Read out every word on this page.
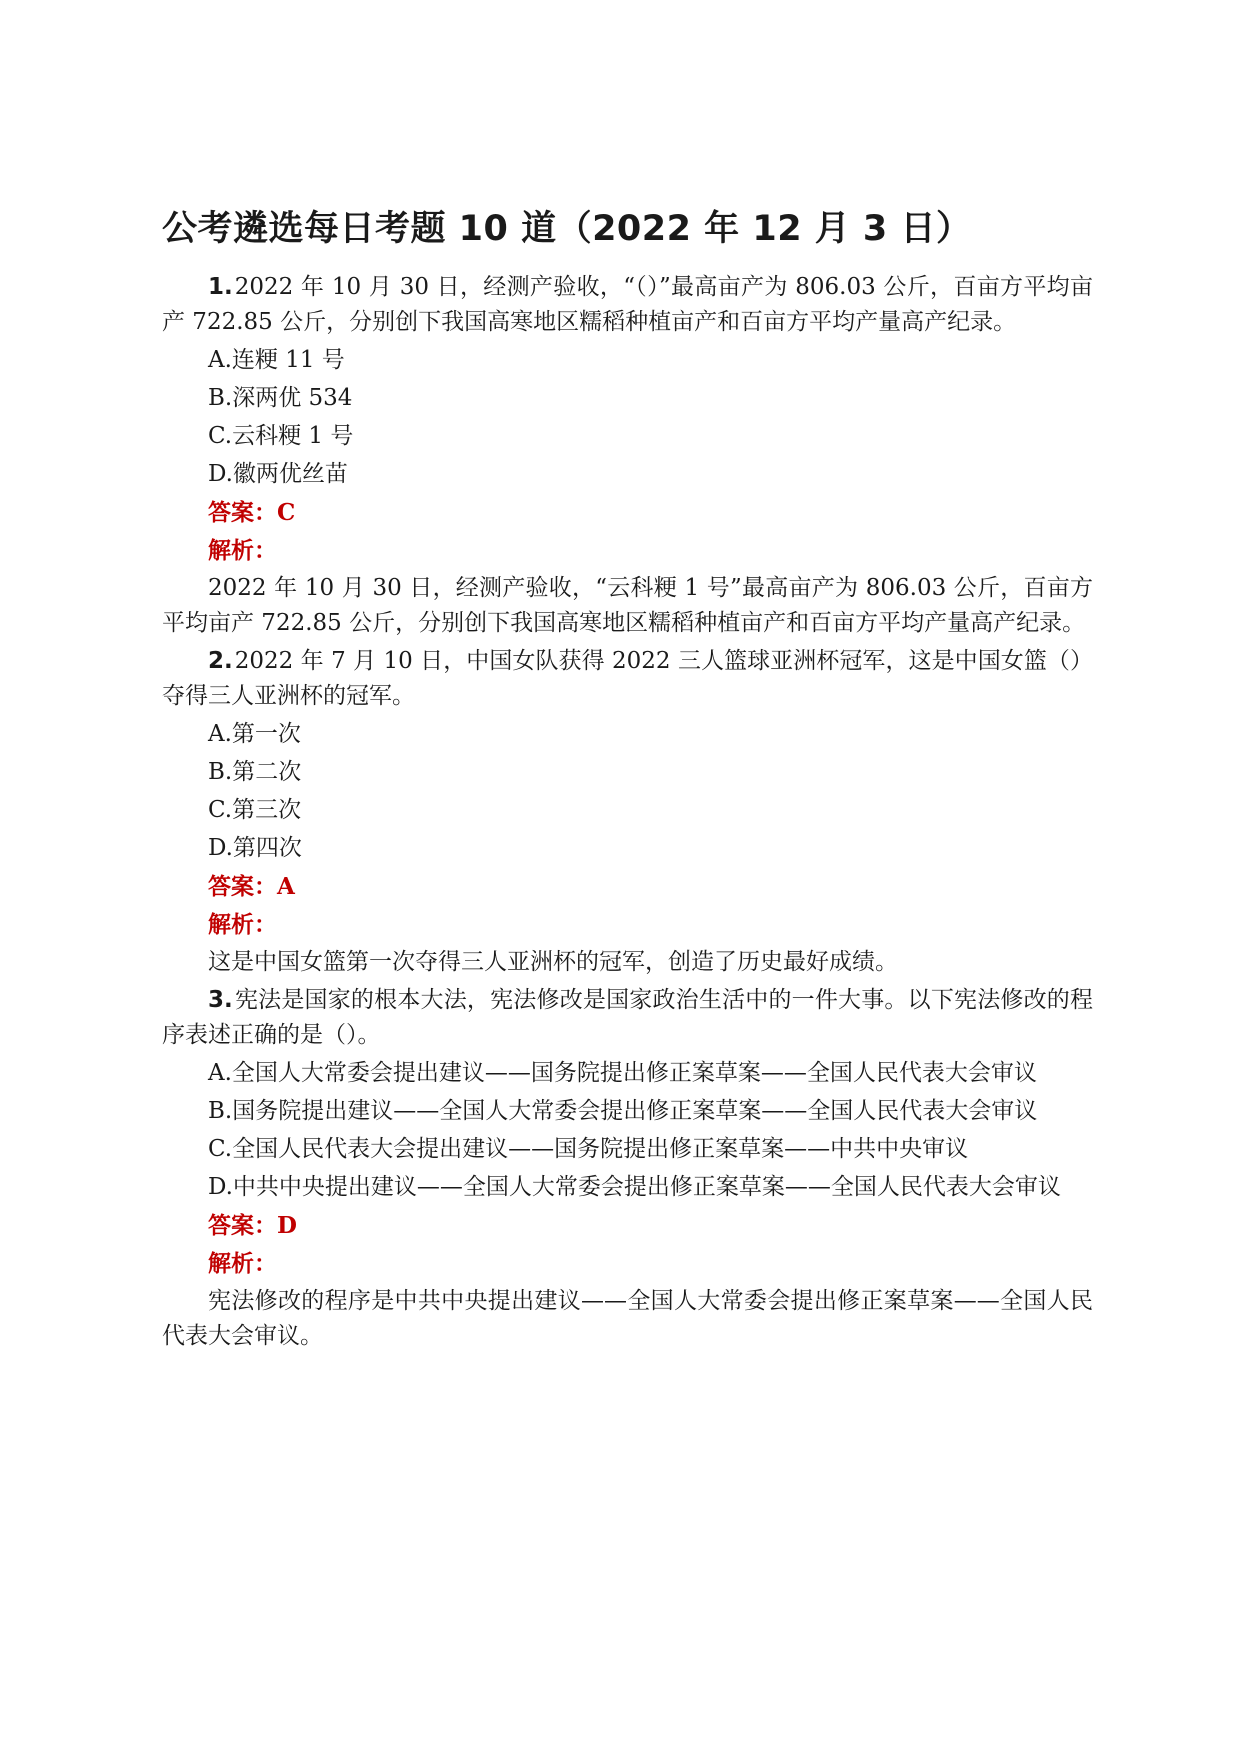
公考遴选每日考题 10 道（2022 年 12 月 3 日）

1.2022 年 10 月 30 日，经测产验收，“（）”最高亩产为 806.03 公斤，百亩方平均亩产 722.85 公斤，分别创下我国高寒地区糯稻种植亩产和百亩方平均产量高产纪录。

A.连粳 11 号

B.深两优 534

C.云科粳 1 号

D.徽两优丝苗

答案：C

解析：

2022 年 10 月 30 日，经测产验收，“云科粳 1 号”最高亩产为 806.03 公斤，百亩方平均亩产 722.85 公斤，分别创下我国高寒地区糯稻种植亩产和百亩方平均产量高产纪录。

2.2022 年 7 月 10 日，中国女队获得 2022 三人篮球亚洲杯冠军，这是中国女篮（）夺得三人亚洲杯的冠军。

A.第一次

B.第二次

C.第三次

D.第四次

答案：A

解析：

这是中国女篮第一次夺得三人亚洲杯的冠军，创造了历史最好成绩。

3.宪法是国家的根本大法，宪法修改是国家政治生活中的一件大事。以下宪法修改的程序表述正确的是（）。

A.全国人大常委会提出建议——国务院提出修正案草案——全国人民代表大会审议

B.国务院提出建议——全国人大常委会提出修正案草案——全国人民代表大会审议

C.全国人民代表大会提出建议——国务院提出修正案草案——中共中央审议

D.中共中央提出建议——全国人大常委会提出修正案草案——全国人民代表大会审议

答案：D

解析：

宪法修改的程序是中共中央提出建议——全国人大常委会提出修正案草案——全国人民代表大会审议。
